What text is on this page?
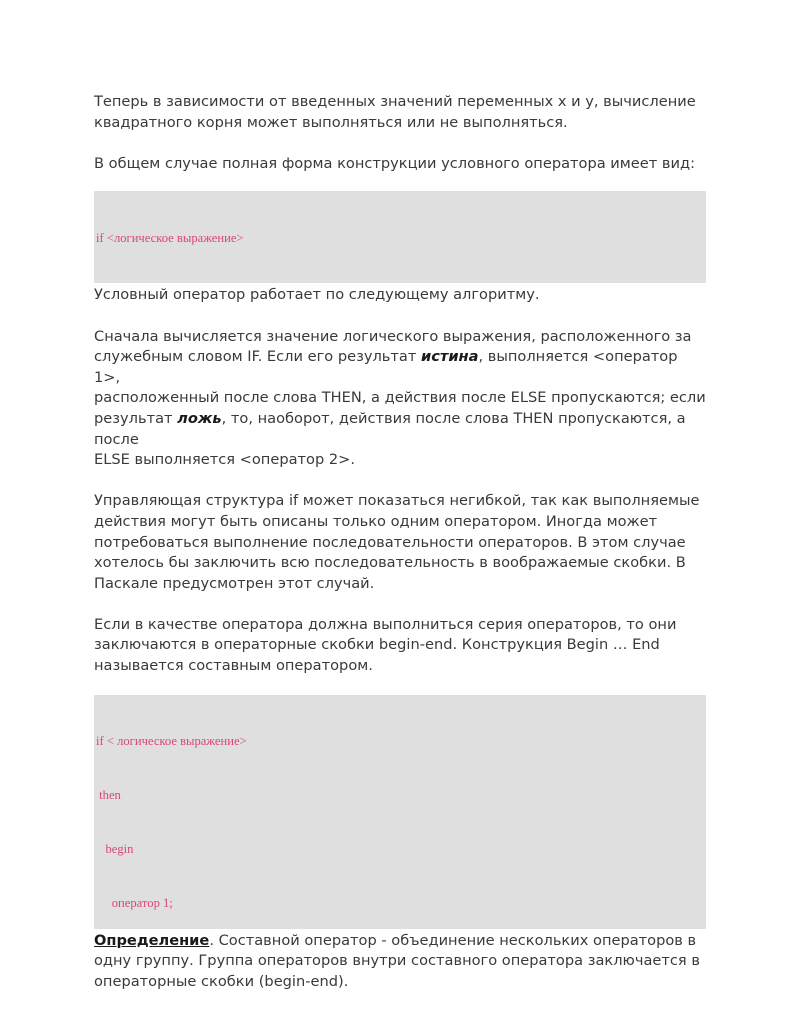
Теперь в зависимости от введенных значений переменных x и y, вычисление
квадратного корня может выполняться или не выполняться.

В общем случае полная форма конструкции условного оператора имеет вид:

if <логическое выражение>

Условный оператор работает по следующему алгоритму.

Сначала вычисляется значение логического выражения, расположенного за
служебным словом IF. Если его результат истина, выполняется <оператор 1>,
расположенный после слова THEN, а действия после ELSE пропускаются; если
результат ложь, то, наоборот, действия после слова THEN пропускаются, а после
ELSE выполняется <оператор 2>.

Управляющая структура if может показаться негибкой, так как выполняемые
действия могут быть описаны только одним оператором. Иногда может
потребоваться выполнение последовательности операторов. В этом случае
хотелось бы заключить всю последовательность в воображаемые скобки. В
Паскале предусмотрен этот случай.

Если в качестве оператора должна выполниться серия операторов, то они
заключаются в операторные скобки begin-end. Конструкция Begin … End
называется составным оператором.

if < логическое выражение>

then

begin

оператор 1;

Определение. Составной оператор - объединение нескольких операторов в
одну группу. Группа операторов внутри составного оператора заключается в
операторные скобки (begin-end).
